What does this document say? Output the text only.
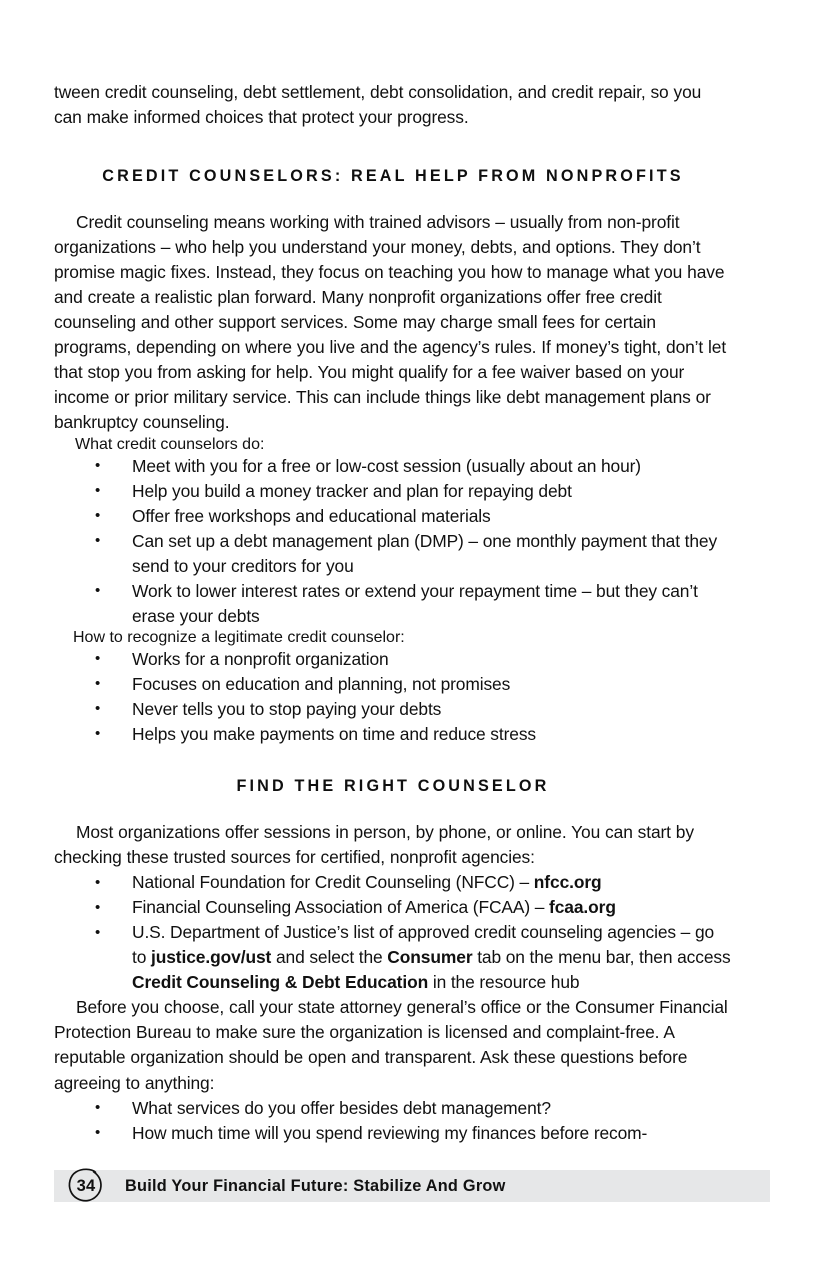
tween credit counseling, debt settlement, debt consolidation, and credit repair, so you can make informed choices that protect your progress.

CREDIT COUNSELORS: REAL HELP FROM NONPROFITS

Credit counseling means working with trained advisors – usually from non-profit organizations – who help you understand your money, debts, and options. They don’t promise magic fixes. Instead, they focus on teaching you how to manage what you have and create a realistic plan forward. Many nonprofit organizations offer free credit counseling and other support services. Some may charge small fees for certain programs, depending on where you live and the agency’s rules. If money’s tight, don’t let that stop you from asking for help. You might qualify for a fee waiver based on your income or prior military service. This can include things like debt management plans or bankruptcy counseling.

What credit counselors do:
• Meet with you for a free or low-cost session (usually about an hour)
• Help you build a money tracker and plan for repaying debt
• Offer free workshops and educational materials
• Can set up a debt management plan (DMP) – one monthly payment that they send to your creditors for you
• Work to lower interest rates or extend your repayment time – but they can’t erase your debts
How to recognize a legitimate credit counselor:
• Works for a nonprofit organization
• Focuses on education and planning, not promises
• Never tells you to stop paying your debts
• Helps you make payments on time and reduce stress
FIND THE RIGHT COUNSELOR

Most organizations offer sessions in person, by phone, or online. You can start by checking these trusted sources for certified, nonprofit agencies:

• National Foundation for Credit Counseling (NFCC) – nfcc.org
• Financial Counseling Association of America (FCAA) – fcaa.org
• U.S. Department of Justice’s list of approved credit counseling agencies – go to justice.gov/ust and select the Consumer tab on the menu bar, then access Credit Counseling & Debt Education in the resource hub

Before you choose, call your state attorney general’s office or the Consumer Financial Protection Bureau to make sure the organization is licensed and complaint-free. A reputable organization should be open and transparent. Ask these questions before agreeing to anything:

• What services do you offer besides debt management?
• How much time will you spend reviewing my finances before recom-
34	Build Your Financial Future: Stabilize And Grow
